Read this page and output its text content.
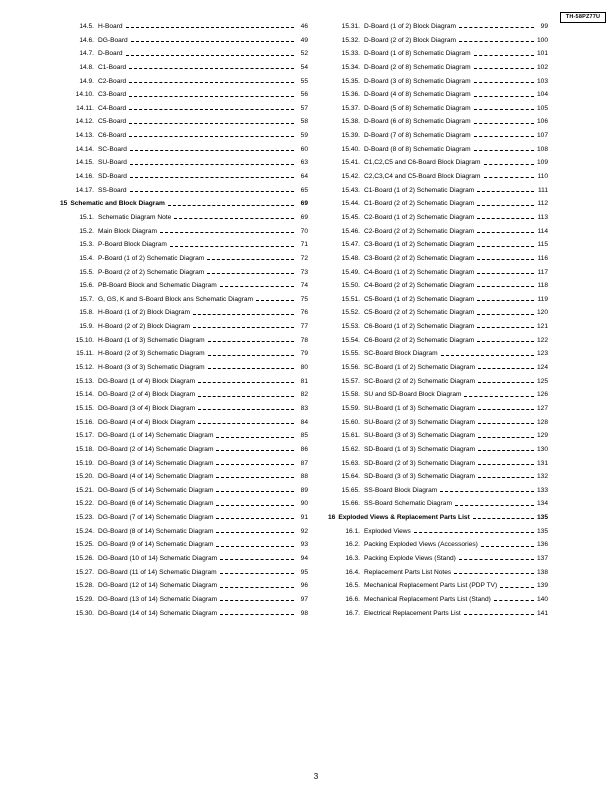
TH-58PZ77U
14.5. H-Board	46
14.6. DG-Board	49
14.7. D-Board	52
14.8. C1-Board	54
14.9. C2-Board	55
14.10. C3-Board	56
14.11. C4-Board	57
14.12. C5-Board	58
14.13. C6-Board	59
14.14. SC-Board	60
14.15. SU-Board	63
14.16. SD-Board	64
14.17. SS-Board	65
15 Schematic and Block Diagram	69
15.1. Schematic Diagram Note	69
15.2. Main Block Diagram	70
15.3. P-Board Block Diagram	71
15.4. P-Board (1 of 2) Schematic Diagram	72
15.5. P-Board (2 of 2) Schematic Diagram	73
15.6. PB-Board Block and Schematic Diagram	74
15.7. G, GS, K and S-Board Block ans Schematic Diagram	75
15.8. H-Board (1 of 2) Block Diagram	76
15.9. H-Board (2 of 2) Block Diagram	77
15.10. H-Board (1 of 3) Schematic Diagram	78
15.11. H-Board (2 of 3) Schematic Diagram	79
15.12. H-Board (3 of 3) Schematic Diagram	80
15.13. DG-Board (1 of 4) Block Diagram	81
15.14. DG-Board (2 of 4) Block Diagram	82
15.15. DG-Board (3 of 4) Block Diagram	83
15.16. DG-Board (4 of 4) Block Diagram	84
15.17. DG-Board (1 of 14) Schematic Diagram	85
15.18. DG-Board (2 of 14) Schematic Diagram	86
15.19. DG-Board (3 of 14) Schematic Diagram	87
15.20. DG-Board (4 of 14) Schematic Diagram	88
15.21. DG-Board (5 of 14) Schematic Diagram	89
15.22. DG-Board (6 of 14) Schematic Diagram	90
15.23. DG-Board (7 of 14) Schematic Diagram	91
15.24. DG-Board (8 of 14) Schematic Diagram	92
15.25. DG-Board (9 of 14) Schematic Diagram	93
15.26. DG-Board (10 of 14) Schematic Diagram	94
15.27. DG-Board (11 of 14) Schematic Diagram	95
15.28. DG-Board (12 of 14) Schematic Diagram	96
15.29. DG-Board (13 of 14) Schematic Diagram	97
15.30. DG-Board (14 of 14) Schematic Diagram	98
15.31. D-Board (1 of 2) Block Diagram	99
15.32. D-Board (2 of 2) Block Diagram	100
15.33. D-Board (1 of 8) Schematic Diagram	101
15.34. D-Board (2 of 8) Schematic Diagram	102
15.35. D-Board (3 of 8) Schematic Diagram	103
15.36. D-Board (4 of 8) Schematic Diagram	104
15.37. D-Board (5 of 8) Schematic Diagram	105
15.38. D-Board (6 of 8) Schematic Diagram	106
15.39. D-Board (7 of 8) Schematic Diagram	107
15.40. D-Board (8 of 8) Schematic Diagram	108
15.41. C1,C2,C5 and C6-Board Block Diagram	109
15.42. C2,C3,C4 and C5-Board Block Diagram	110
15.43. C1-Board (1 of 2) Schematic Diagram	111
15.44. C1-Board (2 of 2) Schematic Diagram	112
15.45. C2-Board (1 of 2) Schematic Diagram	113
15.46. C2-Board (2 of 2) Schematic Diagram	114
15.47. C3-Board (1 of 2) Schematic Diagram	115
15.48. C3-Board (2 of 2) Schematic Diagram	116
15.49. C4-Board (1 of 2) Schematic Diagram	117
15.50. C4-Board (2 of 2) Schematic Diagram	118
15.51. C5-Board (1 of 2) Schematic Diagram	119
15.52. C5-Board (2 of 2) Schematic Diagram	120
15.53. C6-Board (1 of 2) Schematic Diagram	121
15.54. C6-Board (2 of 2) Schematic Diagram	122
15.55. SC-Board Block Diagram	123
15.56. SC-Board (1 of 2) Schematic Diagram	124
15.57. SC-Board (2 of 2) Schematic Diagram	125
15.58. SU and SD-Board Block Diagram	126
15.59. SU-Board (1 of 3) Schematic Diagram	127
15.60. SU-Board (2 of 3) Schematic Diagram	128
15.61. SU-Board (3 of 3) Schematic Diagram	129
15.62. SD-Board (1 of 3) Schematic Diagram	130
15.63. SD-Board (2 of 3) Schematic Diagram	131
15.64. SD-Board (3 of 3) Schematic Diagram	132
15.65. SS-Board Block Diagram	133
15.66. SS-Board Schematic Diagram	134
16 Exploded Views & Replacement Parts List	135
16.1. Exploded Views	135
16.2. Packing Exploded Views (Accessories)	136
16.3. Packing Explode Views (Stand)	137
16.4. Replacement Parts List Notes	138
16.5. Mechanical Replacement Parts List (PDP TV)	139
16.6. Mechanical Replacement Parts List (Stand)	140
16.7. Electrical Replacement Parts List	141
3
